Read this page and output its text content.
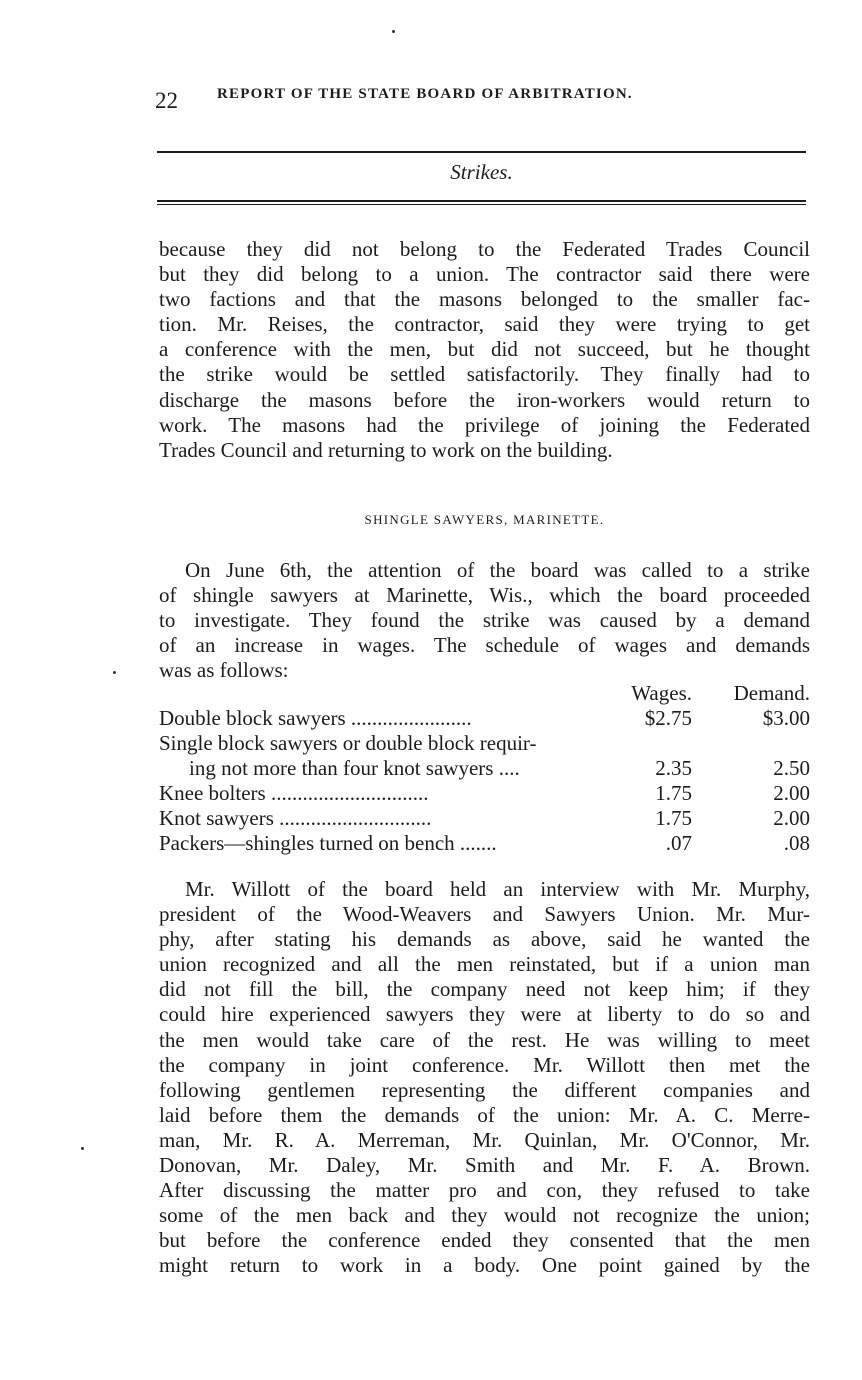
22	REPORT OF THE STATE BOARD OF ARBITRATION.
Strikes.
because they did not belong to the Federated Trades Council
but they did belong to a union. The contractor said there were
two factions and that the masons belonged to the smaller fac-
tion. Mr. Reises, the contractor, said they were trying to get
a conference with the men, but did not succeed, but he thought
the strike would be settled satisfactorily. They finally had to
discharge the masons before the iron-workers would return to
work. The masons had the privilege of joining the Federated
Trades Council and returning to work on the building.
SHINGLE SAWYERS, MARINETTE.
On June 6th, the attention of the board was called to a strike
of shingle sawyers at Marinette, Wis., which the board proceeded
to investigate. They found the strike was caused by a demand
of an increase in wages. The schedule of wages and demands
was as follows:
Wages. Demand.
Double block sawyers .......................	$2.75	$3.00
Single block sawyers or double block requir-
ing not more than four knot sawyers ....	2.35	2.50
Knee bolters ..............................	1.75	2.00
Knot sawyers .............................	1.75	2.00
Packers—shingles turned on bench .......	.07	.08
Mr. Willott of the board held an interview with Mr. Murphy,
president of the Wood-Weavers and Sawyers Union. Mr. Mur-
phy, after stating his demands as above, said he wanted the
union recognized and all the men reinstated, but if a union man
did not fill the bill, the company need not keep him; if they
could hire experienced sawyers they were at liberty to do so and
the men would take care of the rest. He was willing to meet
the company in joint conference. Mr. Willott then met the
following gentlemen representing the different companies and
laid before them the demands of the union: Mr. A. C. Merre-
man, Mr. R. A. Merreman, Mr. Quinlan, Mr. O'Connor, Mr.
Donovan, Mr. Daley, Mr. Smith and Mr. F. A. Brown.
After discussing the matter pro and con, they refused to take
some of the men back and they would not recognize the union;
but before the conference ended they consented that the men
might return to work in a body. One point gained by the
